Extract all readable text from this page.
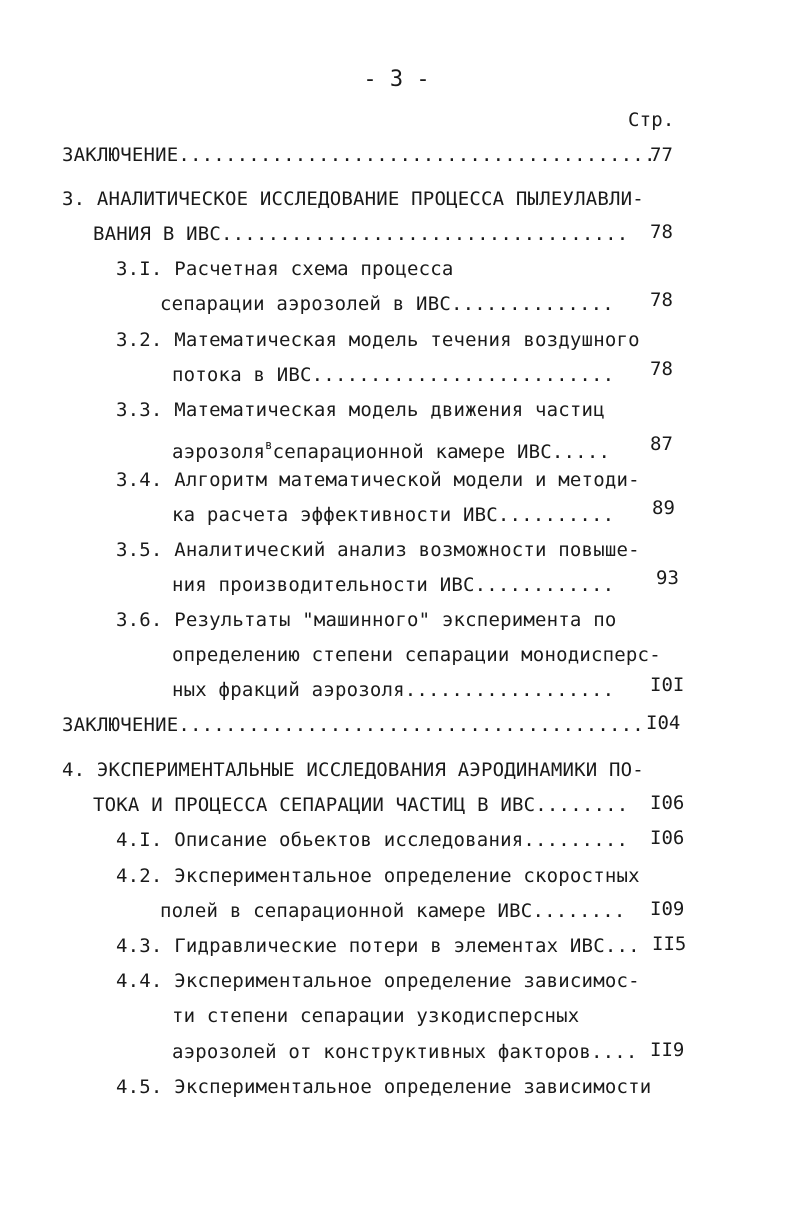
- 3 -
Стр.
ЗАКЛЮЧЕНИЕ.........................................
77
3. АНАЛИТИЧЕСКОЕ ИССЛЕДОВАНИЕ ПРОЦЕССА ПЫЛЕУЛАВЛИ-
ВАНИЯ В ИВС................................... 78
3.I. Расчетная схема процесса
сепарации аэрозолей в ИВС.............. 78
3.2. Математическая модель течения воздушного
потока в ИВС.......................... 78
3.3. Математическая модель движения частиц
аэрозоля$^в$сепарационной камере ИВС..... 87
3.4. Алгоритм математической модели и методи-
ка расчета эффективности ИВС.......... 89
3.5. Аналитический анализ возможности повыше-
ния производительности ИВС............ 93
3.6. Результаты "машинного" эксперимента по
определению степени сепарации монодисперс-
ных фракций аэрозоля.................. I0I
ЗАКЛЮЧЕНИЕ........................................ I04
4. ЭКСПЕРИМЕНТАЛЬНЫЕ ИССЛЕДОВАНИЯ АЭРОДИНАМИКИ ПО-
ТОКА И ПРОЦЕССА СЕПАРАЦИИ ЧАСТИЦ В ИВС........ I06
4.I. Описание обьектов исследования......... I06
4.2. Экспериментальное определение скоростных
полей в сепарационной камере ИВС........ I09
4.3. Гидравлические потери в элементах ИВС... II5
4.4. Экспериментальное определение зависимос-
ти степени сепарации узкодисперсных
аэрозолей от конструктивных факторов.... II9
4.5. Экспериментальное определение зависимости
